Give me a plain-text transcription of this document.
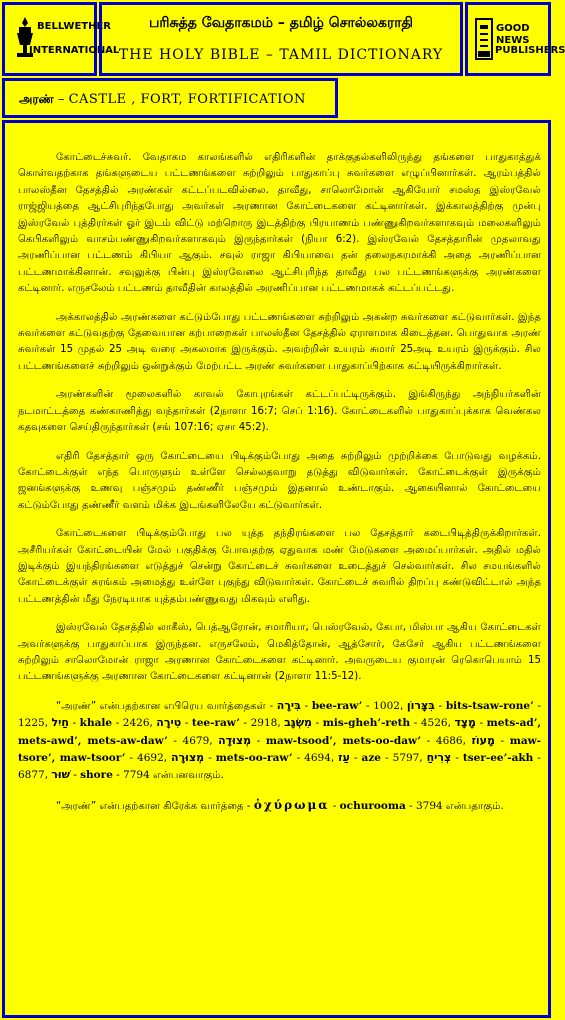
BELLWETHER
INTERNATIONAL
பரிசுத்த வேதாகமம் – தமிழ் சொல்லகராதி
THE HOLY BIBLE – TAMIL DICTIONARY
GOOD NEWS
PUBLISHERS
அரண் – CASTLE , FORT, FORTIFICATION

கோட்டைச்சுவர். வேதாகம காலங்களில் எதிரிகளின் தாக்குதல்களிலிருந்து தங்களை பாதுகாத்துக் கொள்வதற்காக தங்களுடைய பட்டணங்களை சுற்றிலும் பாதுகாப்பு சுவர்களை எழுப்பினார்கள். ஆரம்பத்தில் பாலஸ்தீன தேசத்தில் அரண்கள் கட்டப்படவில்லை. தாவீது, சாலொமோன் ஆகியோர் சமஸ்த இஸ்ரவேல் ராஜ்ஜியத்தை ஆட்சிபுரிந்தபோது அவர்கள் அரணான கோட்டைகளை கட்டினார்கள். இக்காலத்திற்கு முன்பு இஸ்ரவேல் புத்திரர்கள் ஓர் இடம் விட்டு மற்றொரு இடத்திற்கு பிரயாணம் பண்ணுகிறவர்களாகவும் மலைகளிலும் கெபிகளிலும் வாசம்பண்ணுகிறவர்களாகவும் இருந்தார்கள் (நியா 6:2). இஸ்ரவேல் தேசத்தாரின் முதலாவது அரணிப்பான பட்டணம் கிபியா ஆகும். சவுல் ராஜா கிபியாவை தன் தலைநகரமாக்கி அதை அரணிப்பான பட்டணமாக்கினான். சவுலுக்கு பின்பு இஸ்ரவேலை ஆட்சிபுரிந்த தாவீது பல பட்டணங்களுக்கு அரண்களை கட்டினார். எருசலேம் பட்டணம் தாவீதின் காலத்தில் அரணிப்பான பட்டணமாகக் கட்டப்பட்டது.

அக்காலத்தில் அரண்களை கட்டும்போது பட்டணங்களை சுற்றிலும் அகன்ற சுவர்களை கட்டுவார்கள். இந்த சுவர்களை கட்டுவதற்கு தேவையான கற்பாறைகள் பாலஸ்தீன தேசத்தில் ஏராளமாக கிடைத்தன. பொதுவாக அரண் சுவர்கள் 15 முதல் 25 அடி வரை அகலமாக இருக்கும். அவற்றின் உயரம் சுமார் 25அடி உயரம் இருக்கும். சில பட்டணங்களைச் சுற்றிலும் ஒன்றுக்கும் மேற்பட்ட அரண் சுவர்களை பாதுகாப்பிற்காக கட்டியிருக்கிறார்கள்.

அரண்களின் மூலைகளில் காவல் கோபுரங்கள் கட்டப்பட்டிருக்கும். இங்கிருந்து அந்நியர்களின் நடமாட்டத்தை கண்காணித்து வந்தார்கள் (2நாளா 16:7; செப் 1:16). கோட்டைகளில் பாதுகாப்புக்காக வெண்கல கதவுகளை செய்திருந்தார்கள் (சங் 107:16; ஏசா 45:2).

எதிரி தேசத்தார் ஒரு கோட்டையை பிடிக்கும்போது அதை சுற்றிலும் முற்றிக்கை போடுவது வழக்கம். கோட்டைக்குள் எந்த பொருளும் உள்ளே செல்லதவாறு தடுத்து விடுவார்கள். கோட்டைக்குள் இருக்கும் ஜனங்களுக்கு உணவு பஞ்சமும் தண்ணீர் பஞ்சமும் இதனால் உண்டாகும். ஆகையினால் கோட்டையை கட்டும்போது தண்ணீர் வளம் மிக்க இடங்களிலேயே கட்டுவார்கள்.

கோட்டைகளை பிடிக்கும்போது பல யுத்த தந்திரங்களை பல தேசத்தார் கடைபிடித்திருக்கிறார்கள். அசீரியர்கள் கோட்டையின் மேல் பகுதிக்கு போவதற்கு ஏதுவாக மண் மேடுகளை அமைப்பார்கள். அதில் மதில் இடிக்கும் இயந்திரங்களை எடுத்துச் சென்று கோட்டைச் சுவர்களை உடைத்துச் செல்வார்கள். சில சமயங்களில் கோட்டைக்குள் சுரங்கம் அமைத்து உள்ளே புகுந்து விடுவார்கள். கோட்டைச் சுவரில் திறப்பு கண்டுவிட்டால் அந்த பட்டணத்தின் மீது நேரடியாக யுத்தம்பண்ணுவது மிகவும் எளிது.

இஸ்ரவேல் தேசத்தில் லாகீஸ், பெத்ஆரோன், சமாரியா, பெஸ்ரவேல், கேபா, மிஸ்பா ஆகிய கோட்டைகள் அவர்களுக்கு பாதுகாப்பாக இருந்தன. எருசலேம், மெகித்தோன், ஆத்சோர், கேசேர் ஆகிய பட்டணங்களை சுற்றிலும் சாலொமோன் ராஜா அரணான கோட்டைகளை கட்டினார். அவருடைய குமாரன் ரெகொபெயாம் 15 பட்டணங்களுக்கு அரணான கோட்டைகளை கட்டினான் (2நாளா 11:5-12).

“அரண்” என்பதற்கான எபிரெய வார்த்தைகள் - בִּירָה - bee-raw’ - 1002, בִּצָּרוֹן - bits-tsaw-rone’ - 1225, חַיִל - khale - 2426, טִירָה - tee-raw’ - 2918, מִשְׂגָּב - mis-gheh’-reth - 4526, מָצָד - mets-ad’, mets-awd’, mets-aw-daw’ - 4679, מְצוּדָה - maw-tsood’, mets-oo-daw’ - 4686, מָעוֹז - maw-tsore’, maw-tsoor’ - 4692, מְצוּרָה - mets-oo-raw’ - 4694, עַז - aze - 5797, צְרִיחַ - tser-ee’-akh - 6877, שׁוּר - shore - 7794 என்பனவாகும்.

“அரண்” என்பதற்கான கிரேக்க வார்த்தை - ὀχύρωμα - ochurooma - 3794 என்பதாகும்.
